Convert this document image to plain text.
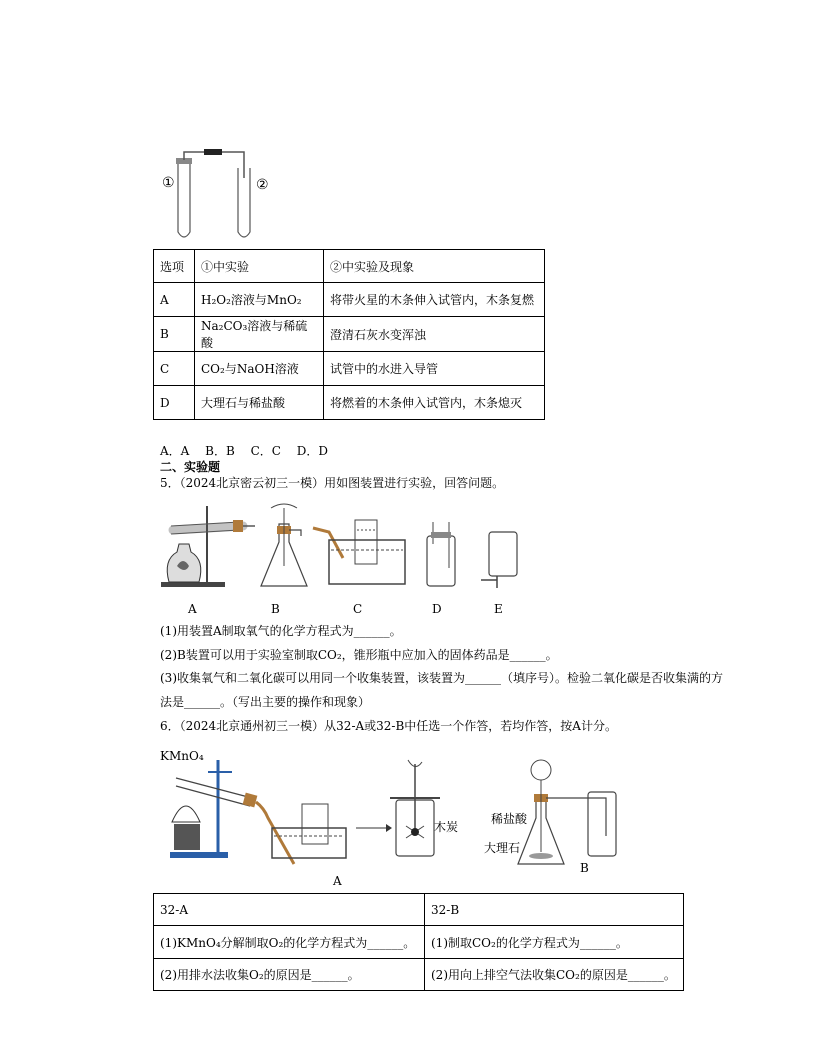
①	②
选项	①中实验	②中实验及现象
A	H₂O₂溶液与MnO₂	将带火星的木条伸入试管内，木条复燃
B	Na₂CO₃溶液与稀硫酸	澄清石灰水变浑浊
C	CO₂与NaOH溶液	试管中的水进入导管
D	大理石与稀盐酸	将燃着的木条伸入试管内，木条熄灭
A．A　 B．B　 C．C　 D．D
二、实验题
5．（2024北京密云初三一模）用如图装置进行实验，回答问题。
A	B	C	D	E
(1)用装置A制取氧气的化学方程式为______。
(2)B装置可以用于实验室制取CO₂，锥形瓶中应加入的固体药品是______。
(3)收集氧气和二氧化碳可以用同一个收集装置，该装置为______（填序号）。检验二氧化碳是否收集满的方
法是______。（写出主要的操作和现象）
6．（2024北京通州初三一模）从32-A或32-B中任选一个作答，若均作答，按A计分。
KMnO₄
木炭
稀盐酸
大理石
A
B
32-A	32-B
(1)KMnO₄分解制取O₂的化学方程式为______。	(1)制取CO₂的化学方程式为______。
(2)用排水法收集O₂的原因是______。	(2)用向上排空气法收集CO₂的原因是______。
